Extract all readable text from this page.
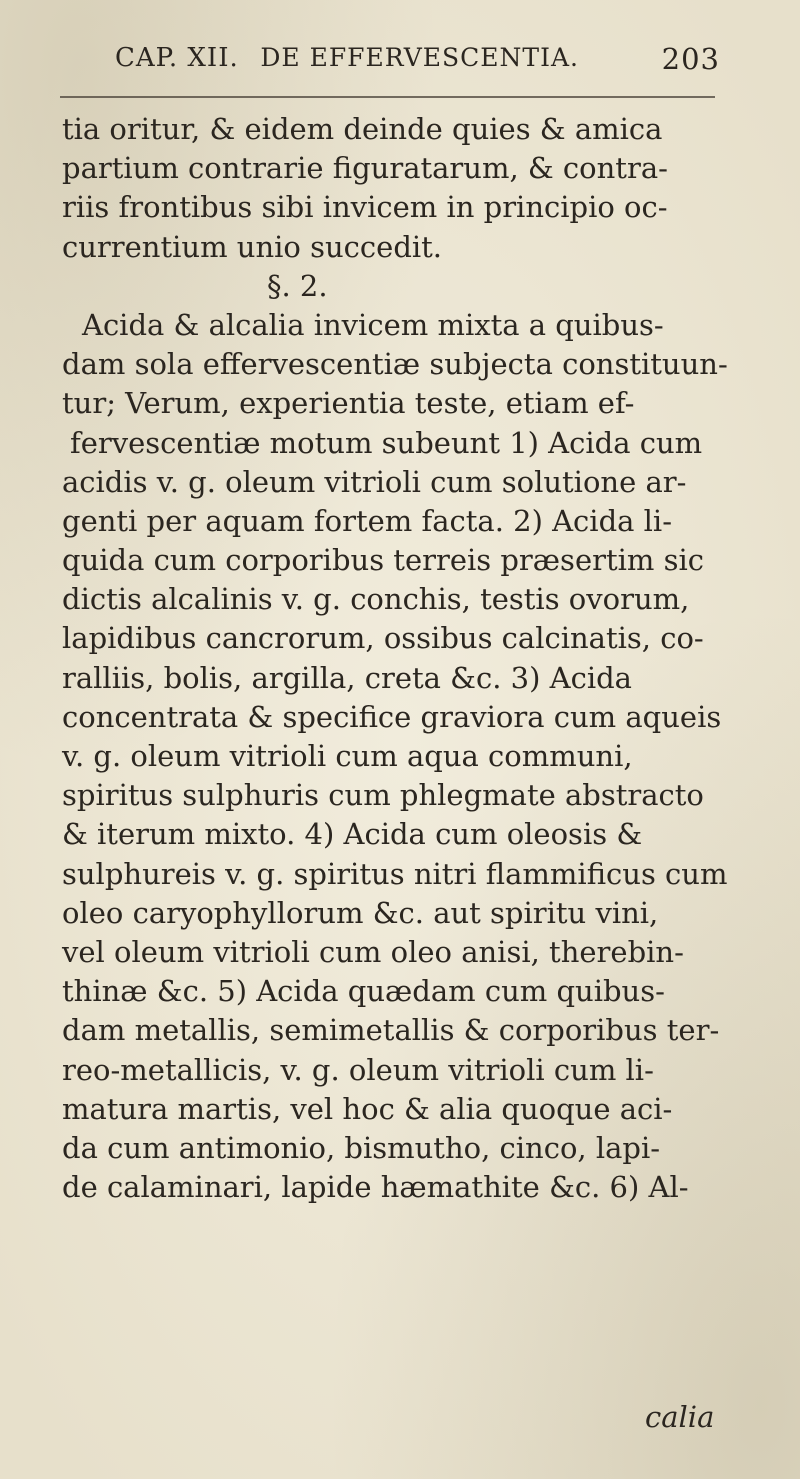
CAP. XII. DE EFFERVESCENTIA.	203
tia oritur, & eidem deinde quies & amica
partium contrarie figuratarum, & contra-
riis frontibus sibi invicem in principio oc-
currentium unio succedit.
§. 2.
Acida & alcalia invicem mixta a quibus-
dam sola effervescentiæ subjecta constituun-
tur; Verum, experientia teste, etiam ef-
fervescentiæ motum subeunt 1) Acida cum
acidis v. g. oleum vitrioli cum solutione ar-
genti per aquam fortem facta. 2) Acida li-
quida cum corporibus terreis præsertim sic
dictis alcalinis v. g. conchis, testis ovorum,
lapidibus cancrorum, ossibus calcinatis, co-
ralliis, bolis, argilla, creta &c. 3) Acida
concentrata & specifice graviora cum aqueis
v. g. oleum vitrioli cum aqua communi,
spiritus sulphuris cum phlegmate abstracto
& iterum mixto. 4) Acida cum oleosis &
sulphureis v. g. spiritus nitri flammificus cum
oleo caryophyllorum &c. aut spiritu vini,
vel oleum vitrioli cum oleo anisi, therebin-
thinæ &c. 5) Acida quædam cum quibus-
dam metallis, semimetallis & corporibus ter-
reo-metallicis, v. g. oleum vitrioli cum li-
matura martis, vel hoc & alia quoque aci-
da cum antimonio, bismutho, cinco, lapi-
de calaminari, lapide hæmathite &c. 6) Al-
calia
